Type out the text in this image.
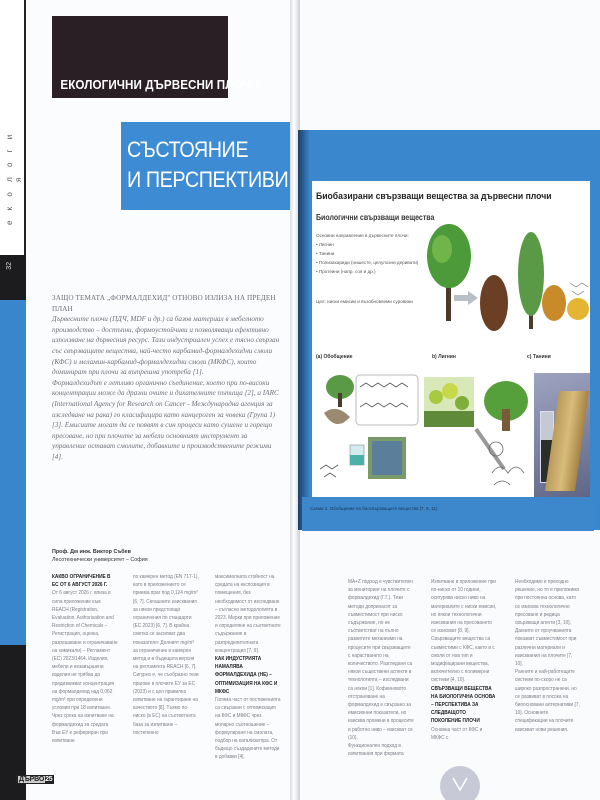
е к о л о г и я
32
ЕКОЛОГИЧНИ ДЪРВЕСНИ ПЛОЧИ
СЪСТОЯНИЕ
И ПЕРСПЕКТИВИ

ЗАЩО ТЕМАТА „ФОРМАЛДЕХИД" ОТНОВО ИЗЛИЗА НА ПРЕДЕН ПЛАН

Дървесните плочи (ПДЧ, MDF и др.) са базов материал в мебелното производство – достъпни, формоустойчиви и позволяващи ефективно използване на дървесния ресурс. Тази индустриален успех е тясно свързан със свързващите вещества, най-често карбамид-формалдехидни смоли (КФС) и меламин-карбамид-формалдехидни смоли (МКФС), които доминират при плочи за вътрешна употреба [1].

Формалдехидът е летливо органично съединение, което при по-високи концентрации може да дразни очите и дихателните пътища [2], а IARC (International Agency for Research on Cancer - Международна агенция за изследване на рака) го класифицира като канцероген за човека (Група 1) [3]. Емисиите могат да се появят в син процеси като сушене и горещо пресоване, но при плочите за мебели основният инструмент за управление остават смолите, добавките и производствените режими [4].

Проф. Дм инж. Виктор Събев
Лесотехнически университет – София
КАКВО ОГРАНИЧЕНИЕ В ЕС ОТ 6 АВГУСТ 2026 Г.
От 6 август 2026 г. влиза в сила приложение към REACH (Registration, Evaluation, Authorisation and Restriction of Chemicals – Регистрация, оценка, разрешаване и ограничаване на химикали) – Регламент (ЕС) 2023/1464. Изделия, мебели и незавършени изделия не трябва да предизвикват концентрация на формалдехид над 0,062 mg/m³ при определени условия при 18 изпитване. Чрез срока на изпитване на формалдехид за средата
Във ЕУ е рефериран при изпитване
по камерен метод (EN 717-1), като в приложението се приема праг под 0,124 mg/m³ [6, 7]. Сегашните изисквания за някои предстоящи ограничения по стандарти (ЕС 2023) [6, 7]. В крайна сметка се засилват два показателя: Долният mg/m³ за ограничение в камерен метод и в бъдещата версия на регламента REACH [6, 7]. Сигурно е, че съобразно тези прагове в плочите ЕУ за ЕС (2023) и с цел правилно изпитване на гарантиране на качеството [8]. Тъкмо по-ниско (в ЕС) на съответната база за изпитване – постепенно
максималната стойност на средата на експозиция в помещения, без необходимост от изследване – съгласно методологията в 2023. Мерки при приложение и определяне на съответните съдържания в разпределителната концентрация [7, 9].
КАК ИНДУСТРИЯТА НАМАЛЯВА ФОРМАЛДЕХИДА (НЕ) – ОПТИМИЗАЦИЯ НА КФС И МКФС
Голяма част от постиженията са свързани с оптимизация на КФС и МКФС чрез моларно съотношение – формулиране на смолата, подбор на катализатора. От бъдещо създадените методи в добавки [4].
ДЪРВО25
Биобазирани свързващи вещества за дървесни плочи
Биологични свързващи вещества
Основни направления в дървесните плочи:
• Лигнин
• Танини
• Полизахариди (нишесте, целулозни деривати)
• Протеини (напр. соя и др.)
Цел: ниски емисии и възобновяеми суровини
(a) Обобщение	b) Лигнин	c) Танини
Схема 1. Обобщение на биосвързващите вещества [7, 9, 11]
MA+Z подход е чувствителен за мониторинг на плочите с формалдехид (Г.Г.). Тези методи допринасят за съвместимост при ниско съдържание, но не съответстват на пълно развитите механизми на процесите при свързващите с нарастването на количеството. Разгледани са някои съществени аспекти в технологията – изследвани са някои [1]. Кофеиновото отстраняване на формалдехид е свързано за емисионни показатели, но изисква промени в процесите и работно ниво – изискват се (10).
Функционален подход в изпитвания при формата
Изпитване в приложение при по-ниско от 10 години, осигурява ниско ниво на материалите с ниски емисии, но някои технологични изисквания на пресоването се изискват [8, 9]. Свързващите вещества са съвместими с КФС, както и с смоли от нов тип и модифицирани вещества, включително с полимерни системи [4, 10].
СВЪРЗВАЩИ ВЕЩЕСТВА НА БИОЛОГИЧНА ОСНОВА – ПЕРСПЕКТИВА ЗА СЛЕДВАЩОТО ПОКОЛЕНИЕ ПЛОЧИ
Основна част от КФС и МКФС с
Необходимо е преходно решение, но то е приложимо при постоянна основа, като се изисква технологично пресоване и редица свързващи агенти [3, 10]. Данните от проучванията показват съвместимост при различни материали и изисквания на плочите [7, 10].
Ранните и най-работещите системи по-скоро не са широко разпространени, но се развиват в посока на биоосновани алтернативи [7, 10]. Основните спецификации на плочите изискват нови решения.
